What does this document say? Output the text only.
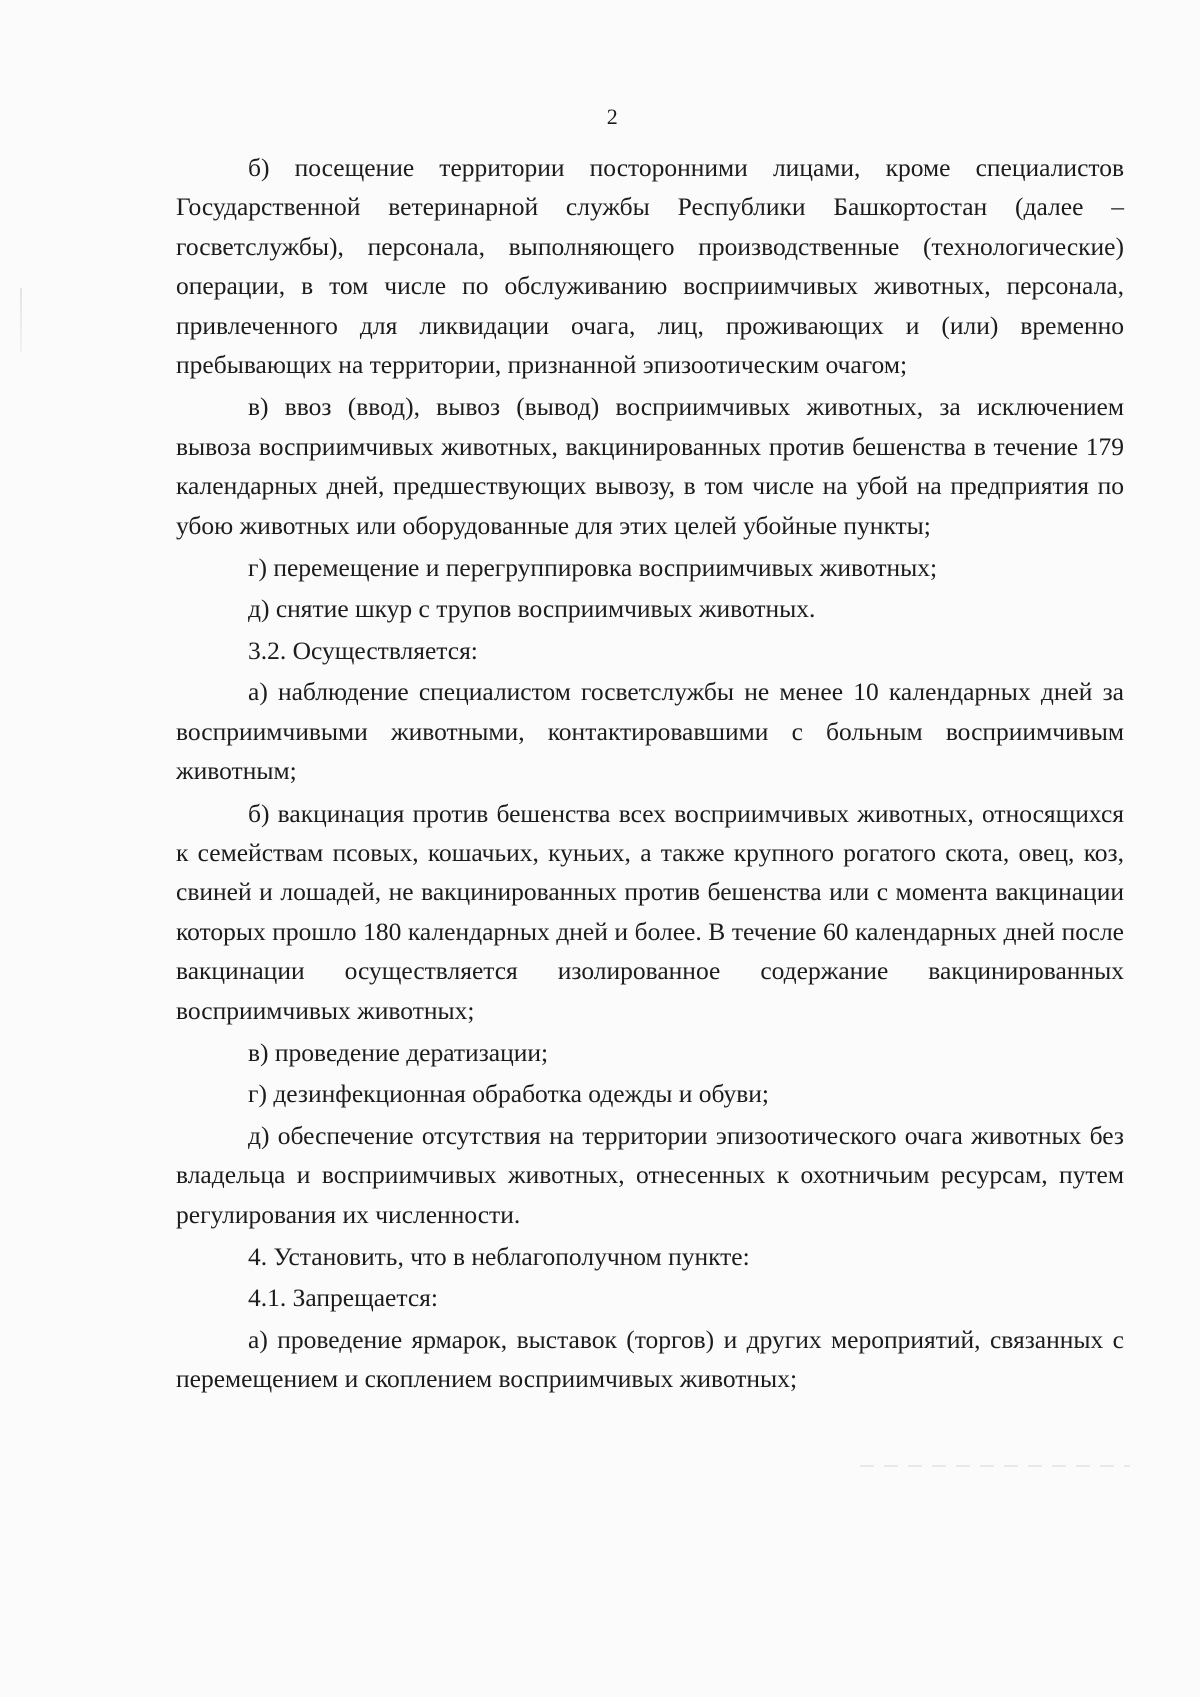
2

б) посещение территории посторонними лицами, кроме специалистов Государственной ветеринарной службы Республики Башкортостан (далее – госветслужбы), персонала, выполняющего производственные (технологические) операции, в том числе по обслуживанию восприимчивых животных, персонала, привлеченного для ликвидации очага, лиц, проживающих и (или) временно пребывающих на территории, признанной эпизоотическим очагом;

в) ввоз (ввод), вывоз (вывод) восприимчивых животных, за исключением вывоза восприимчивых животных, вакцинированных против бешенства в течение 179 календарных дней, предшествующих вывозу, в том числе на убой на предприятия по убою животных или оборудованные для этих целей убойные пункты;

г) перемещение и перегруппировка восприимчивых животных;

д) снятие шкур с трупов восприимчивых животных.

3.2. Осуществляется:

а) наблюдение специалистом госветслужбы не менее 10 календарных дней за восприимчивыми животными, контактировавшими с больным восприимчивым животным;

б) вакцинация против бешенства всех восприимчивых животных, относящихся к семействам псовых, кошачьих, куньих, а также крупного рогатого скота, овец, коз, свиней и лошадей, не вакцинированных против бешенства или с момента вакцинации которых прошло 180 календарных дней и более. В течение 60 календарных дней после вакцинации осуществляется изолированное содержание вакцинированных восприимчивых животных;

в) проведение дератизации;

г) дезинфекционная обработка одежды и обуви;

д) обеспечение отсутствия на территории эпизоотического очага животных без владельца и восприимчивых животных, отнесенных к охотничьим ресурсам, путем регулирования их численности.

4. Установить, что в неблагополучном пункте:

4.1. Запрещается:

а) проведение ярмарок, выставок (торгов) и других мероприятий, связанных с перемещением и скоплением восприимчивых животных;
